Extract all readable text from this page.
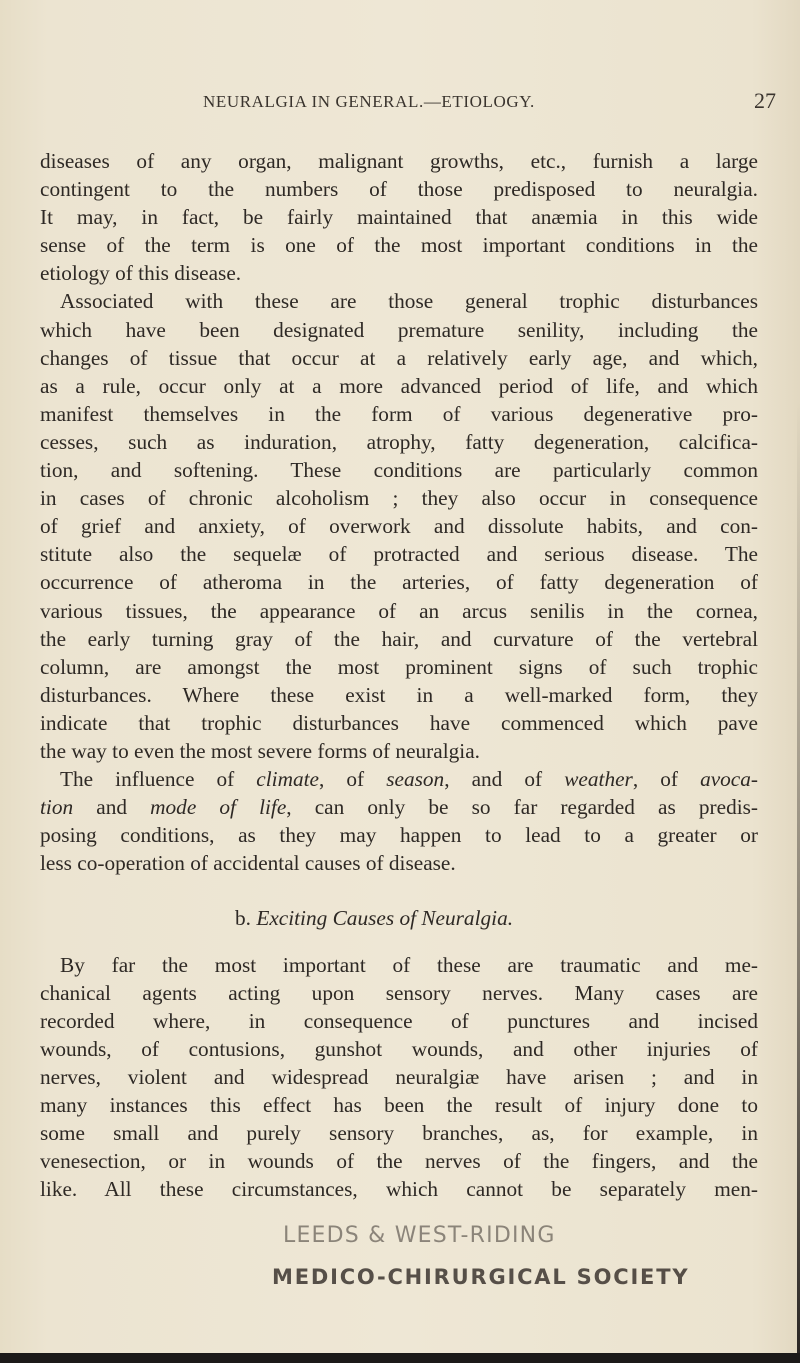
NEURALGIA IN GENERAL.—ETIOLOGY.	27
diseases of any organ, malignant growths, etc., furnish a large
contingent to the numbers of those predisposed to neuralgia.
It may, in fact, be fairly maintained that anæmia in this wide
sense of the term is one of the most important conditions in the
etiology of this disease.
Associated with these are those general trophic disturbances
which have been designated premature senility, including the
changes of tissue that occur at a relatively early age, and which,
as a rule, occur only at a more advanced period of life, and which
manifest themselves in the form of various degenerative pro-
cesses, such as induration, atrophy, fatty degeneration, calcifica-
tion, and softening. These conditions are particularly common
in cases of chronic alcoholism ; they also occur in consequence
of grief and anxiety, of overwork and dissolute habits, and con-
stitute also the sequelæ of protracted and serious disease. The
occurrence of atheroma in the arteries, of fatty degeneration of
various tissues, the appearance of an arcus senilis in the cornea,
the early turning gray of the hair, and curvature of the vertebral
column, are amongst the most prominent signs of such trophic
disturbances. Where these exist in a well-marked form, they
indicate that trophic disturbances have commenced which pave
the way to even the most severe forms of neuralgia.
The influence of climate, of season, and of weather, of avoca-
tion and mode of life, can only be so far regarded as predis-
posing conditions, as they may happen to lead to a greater or
less co-operation of accidental causes of disease.
b. Exciting Causes of Neuralgia.
By far the most important of these are traumatic and me-
chanical agents acting upon sensory nerves. Many cases are
recorded where, in consequence of punctures and incised
wounds, of contusions, gunshot wounds, and other injuries of
nerves, violent and widespread neuralgiæ have arisen ; and in
many instances this effect has been the result of injury done to
some small and purely sensory branches, as, for example, in
venesection, or in wounds of the nerves of the fingers, and the
like. All these circumstances, which cannot be separately men-
LEEDS & WEST-RIDING
MEDICO-CHIRURGICAL SOCIETY
